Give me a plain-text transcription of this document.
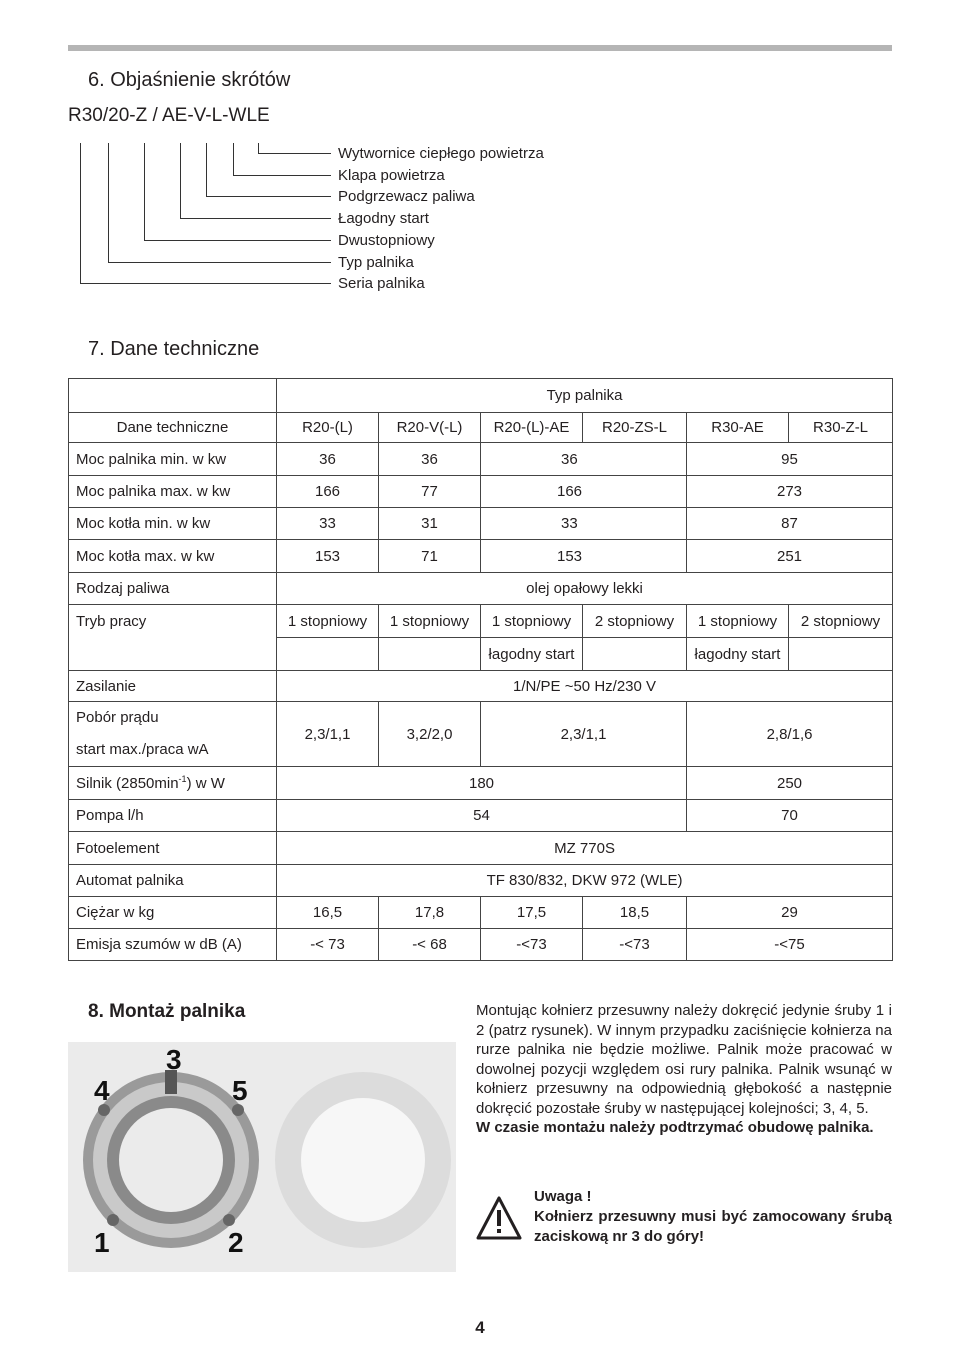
6. Objaśnienie skrótów
R30/20-Z / AE-V-L-WLE
Wytwornice ciepłego powietrza
Klapa powietrza
Podgrzewacz paliwa
Łagodny start
Dwustopniowy
Typ palnika
Seria palnika
7. Dane techniczne
	Typ palnika					
Dane techniczne	R20-(L)	R20-V(-L)	R20-(L)-AE	R20-ZS-L	R30-AE	R30-Z-L
Moc palnika min. w kw	36	36	36		95	
Moc palnika max. w kw	166	77	166		273	
Moc kotła min. w kw	33	31	33		87	
Moc kotła max. w kw	153	71	153		251	
Rodzaj paliwa	olej opałowy lekki					
Tryb pracy	1 stopniowy	1 stopniowy	1 stopniowy	2 stopniowy	1 stopniowy	2 stopniowy
			łagodny start		łagodny start	
Zasilanie	1/N/PE ~50 Hz/230 V					

Pobór prądu
start max./praca wA	2,3/1,1	3,2/2,0	2,3/1,1		2,8/1,6	
Silnik $(2850\min^{-1})$ w W	180				250	
Pompa l/h	54				70	
Fotoelement	MZ 770S					
Automat palnika	TF 830/832, DKW 972 (WLE)					
Ciężar w kg	16,5	17,8	17,5	18,5	29	
Emisja szumów w dB (A)	-< 73	-< 68	-<73	-<73	-<75	
8. Montaż palnika
3
4	5
1	2
Montując kołnierz przesuwny należy dokręcić jedynie śruby 1 i 2 (patrz rysunek). W innym przypadku zaciśnięcie kołnierza na rurze palnika nie będzie możliwe. Palnik może pracować w dowolnej pozycji względem osi rury palnika. Palnik wsunąć w kołnierz przesuwny na odpowiednią głębokość a następnie dokręcić pozostałe śruby w następującej kolejności; 3, 4, 5.
W czasie montażu należy podtrzymać obudowę palnika.
Uwaga !
Kołnierz przesuwny musi być zamocowany śrubą zaciskową nr 3 do góry!
4
